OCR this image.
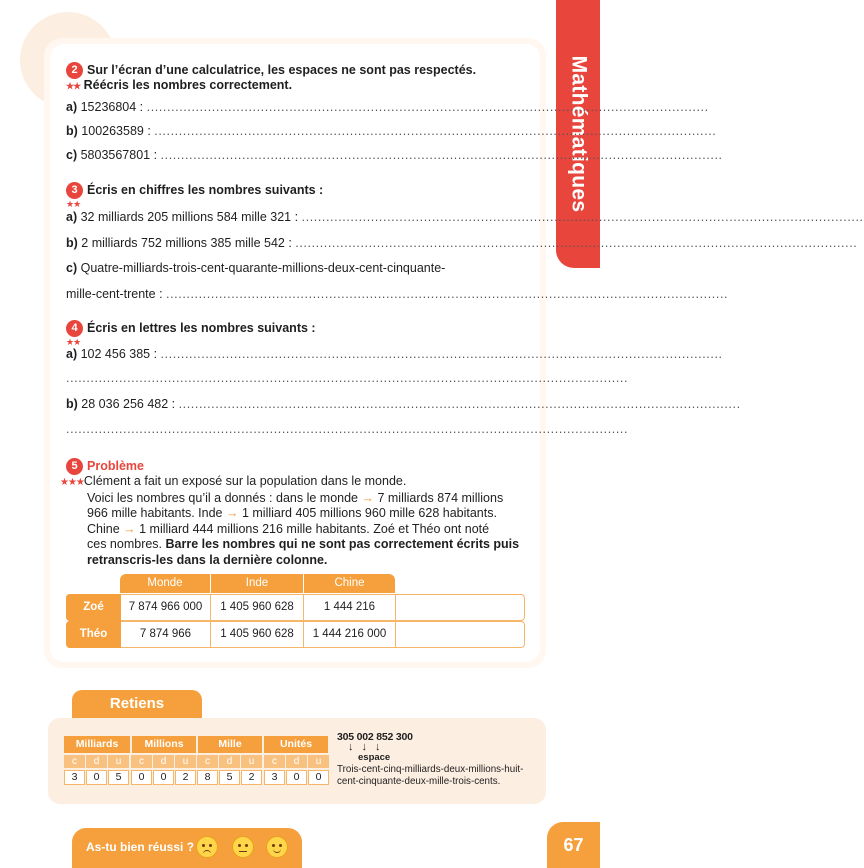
Mathématiques
2 Sur l’écran d’une calculatrice, les espaces ne sont pas respectés.
★★ Réécris les nombres correctement.
a) 15236804 : ..........................................................................................................................................
b) 100263589 : ..........................................................................................................................................
c) 5803567801 : ..........................................................................................................................................
3 Écris en chiffres les nombres suivants :
★★
a) 32 milliards 205 millions 584 mille 321 : ..........................................................................................................................................
b) 2 milliards 752 millions 385 mille 542 : ..........................................................................................................................................
c) Quatre-milliards-trois-cent-quarante-millions-deux-cent-cinquante-
mille-cent-trente : ..........................................................................................................................................
4 Écris en lettres les nombres suivants :
★★
a) 102 456 385 : ..........................................................................................................................................
..........................................................................................................................................
b) 28 036 256 482 : ..........................................................................................................................................
..........................................................................................................................................
5 Problème
★★★Clément a fait un exposé sur la population dans le monde.
Voici les nombres qu’il a donnés : dans le monde → 7 milliards 874 millions
966 mille habitants. Inde → 1 milliard 405 millions 960 mille 628 habitants.
Chine → 1 milliard 444 millions 216 mille habitants. Zoé et Théo ont noté
ces nombres. Barre les nombres qui ne sont pas correctement écrits puis
retranscris-les dans la dernière colonne.
Monde	Inde	Chine
Zoé	7 874 966 000	1 405 960 628	1 444 216
Théo	7 874 966	1 405 960 628	1 444 216 000
Retiens
Milliards	Millions	Mille	Unités
c	d	u	c	d	u	c	d	u	c	d	u
3	0	5	0	0	2	8	5	2	3	0	0
305 002 852 300
↓↓↓
espace
Trois-cent-cinq-milliards-deux-millions-huit-
cent-cinquante-deux-mille-trois-cents.
As-tu bien réussi ?	67
